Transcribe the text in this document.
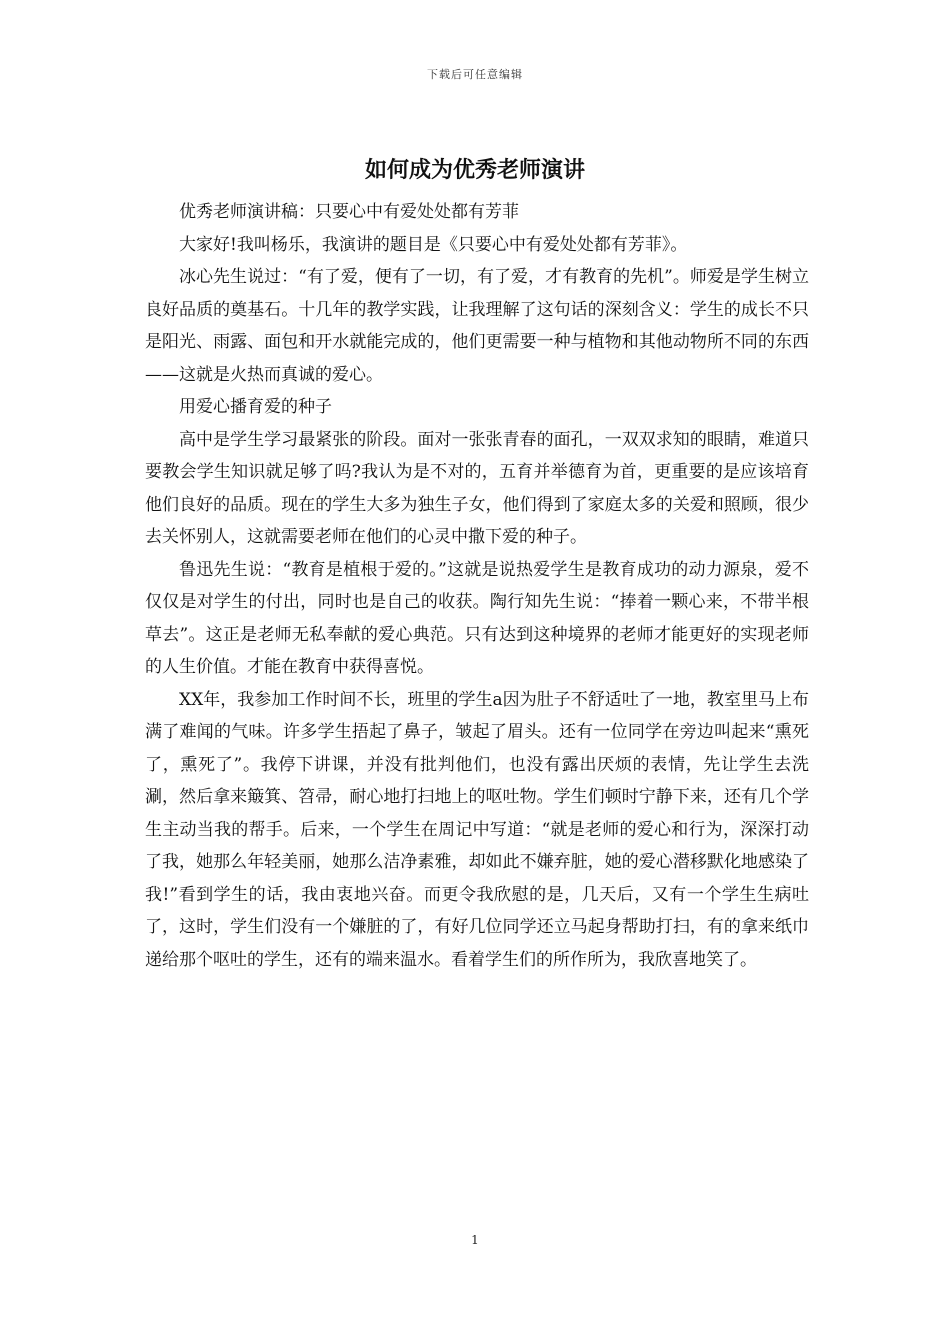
下载后可任意编辑
如何成为优秀老师演讲

优秀老师演讲稿：只要心中有爱处处都有芳菲

大家好!我叫杨乐，我演讲的题目是《只要心中有爱处处都有芳菲》。

冰心先生说过：“有了爱，便有了一切，有了爱，才有教育的先机”。师爱是学生树立良好品质的奠基石。十几年的教学实践，让我理解了这句话的深刻含义：学生的成长不只是阳光、雨露、面包和开水就能完成的，他们更需要一种与植物和其他动物所不同的东西——这就是火热而真诚的爱心。

用爱心播育爱的种子

高中是学生学习最紧张的阶段。面对一张张青春的面孔，一双双求知的眼睛，难道只要教会学生知识就足够了吗?我认为是不对的，五育并举德育为首，更重要的是应该培育他们良好的品质。现在的学生大多为独生子女，他们得到了家庭太多的关爱和照顾，很少去关怀别人，这就需要老师在他们的心灵中撒下爱的种子。

鲁迅先生说：“教育是植根于爱的。”这就是说热爱学生是教育成功的动力源泉，爱不仅仅是对学生的付出，同时也是自己的收获。陶行知先生说：“捧着一颗心来，不带半根草去”。这正是老师无私奉献的爱心典范。只有达到这种境界的老师才能更好的实现老师的人生价值。才能在教育中获得喜悦。

XX年，我参加工作时间不长，班里的学生a因为肚子不舒适吐了一地，教室里马上布满了难闻的气味。许多学生捂起了鼻子，皱起了眉头。还有一位同学在旁边叫起来“熏死了，熏死了”。我停下讲课，并没有批判他们，也没有露出厌烦的表情，先让学生去洗涮，然后拿来簸箕、笤帚，耐心地打扫地上的呕吐物。学生们顿时宁静下来，还有几个学生主动当我的帮手。后来，一个学生在周记中写道：“就是老师的爱心和行为，深深打动了我，她那么年轻美丽，她那么洁净素雅，却如此不嫌弃脏，她的爱心潜移默化地感染了我!”看到学生的话，我由衷地兴奋。而更令我欣慰的是，几天后，又有一个学生生病吐了，这时，学生们没有一个嫌脏的了，有好几位同学还立马起身帮助打扫，有的拿来纸巾递给那个呕吐的学生，还有的端来温水。看着学生们的所作所为，我欣喜地笑了。

1
